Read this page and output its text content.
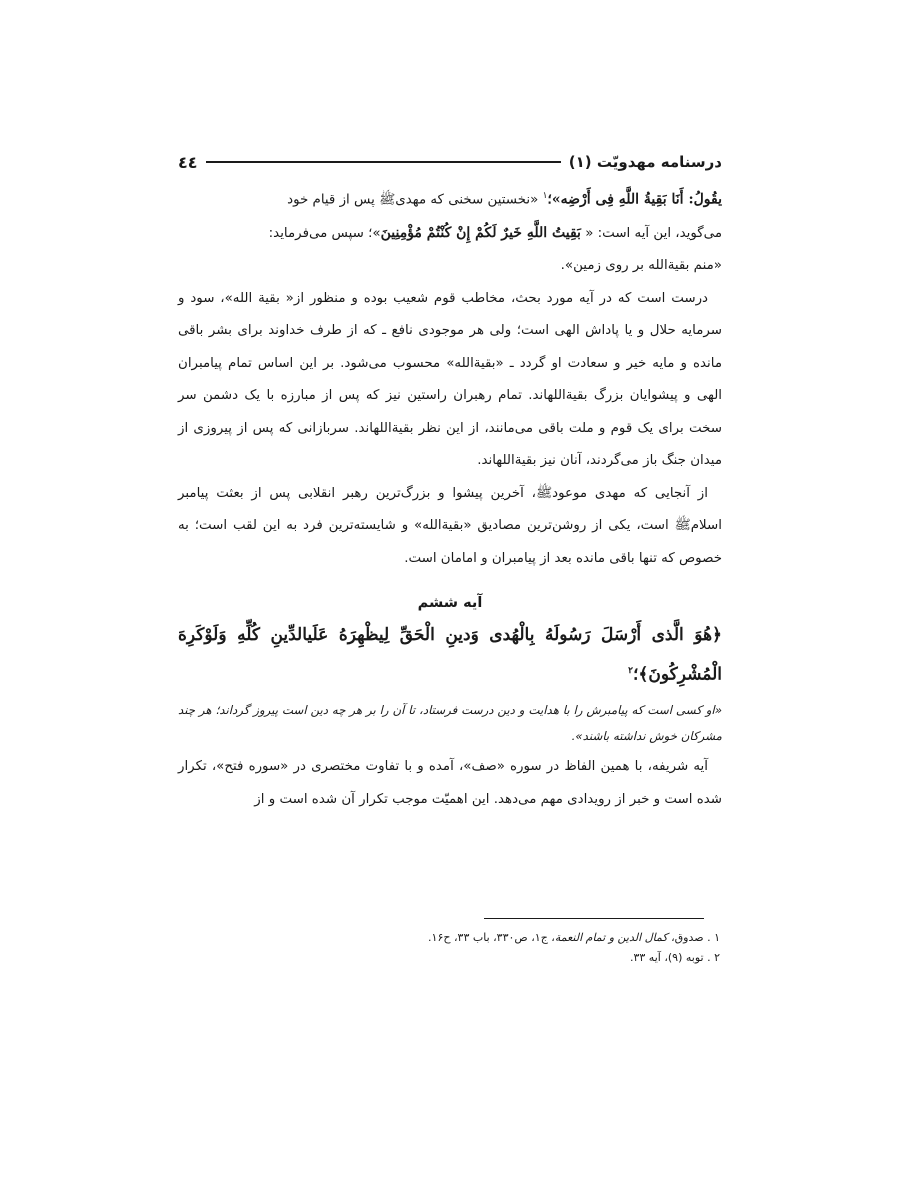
درسنامه مهدویّت (۱)
٤٤

یقُولُ: أَنَا بَقِیةُ اللَّهِ فِی أَرْضِه»؛$^۱$ «نخستین سخنی که مهدیﷺ پس از قیام خود

می‌گوید، این آیه است: « بَقِیتُ اللَّهِ خَیرٌ لَكُمْ إِنْ كُنْتُمْ مُؤْمِنِینَ»؛ سپس می‌فرماید:

«منم بقیةالله بر روی زمین».

درست است که در آیه مورد بحث، مخاطب قوم شعیب بوده و منظور از« بقیة الله»، سود و سرمایه حلال و یا پاداش الهی است؛ ولی هر موجودی نافع ـ که از طرف خداوند برای بشر باقی مانده و مایه خیر و سعادت او گردد ـ «بقیةالله» محسوب می‌شود. بر این اساس تمام پیامبران الهی و پیشوایان بزرگ بقیةاللهاند. تمام رهبران راستین نیز که پس از مبارزه با یک دشمن سر سخت برای یک قوم و ملت باقی می‌مانند، از این نظر بقیةاللهاند. سربازانی که پس از پیروزی از میدان جنگ باز می‌گردند، آنان نیز بقیةاللهاند.

از آنجایی که مهدی موعودﷺ، آخرین پیشوا و بزرگ‌ترین رهبر انقلابی پس از بعثت پیامبر اسلامﷺ است، یکی از روشن‌ترین مصادیق «بقیةالله» و شایسته‌ترین فرد به این لقب است؛ به خصوص که تنها باقی مانده بعد از پیامبران و امامان است.

آیه ششم

﴿هُوَ الَّذی أَرْسَلَ رَسُولَهُ بِالْهُدی وَدینِ الْحَقِّ لِیظْهِرَهُ عَلَیالدِّینِ كُلِّهِ وَلَوْكَرِهَ الْمُشْرِكُونَ﴾؛$^۲$

«او کسی است که پیامبرش را با هدایت و دین درست فرستاد، تا آن را بر هر چه دین است پیروز گرداند؛ هر چند مشرکان خوش نداشته باشند».

آیه شریفه، با همین الفاظ در سوره «صف»، آمده و با تفاوت مختصری در «سوره فتح»، تکرار شده است و خبر از رویدادی مهم می‌دهد. این اهمیّت موجب تکرار آن شده است و از

۱ . صدوق، کمال الدین و تمام النعمة، ج۱، ص۳۳۰، باب ۳۳، ح۱۶.
۲ . توبه (۹)، آیه ۳۳.
